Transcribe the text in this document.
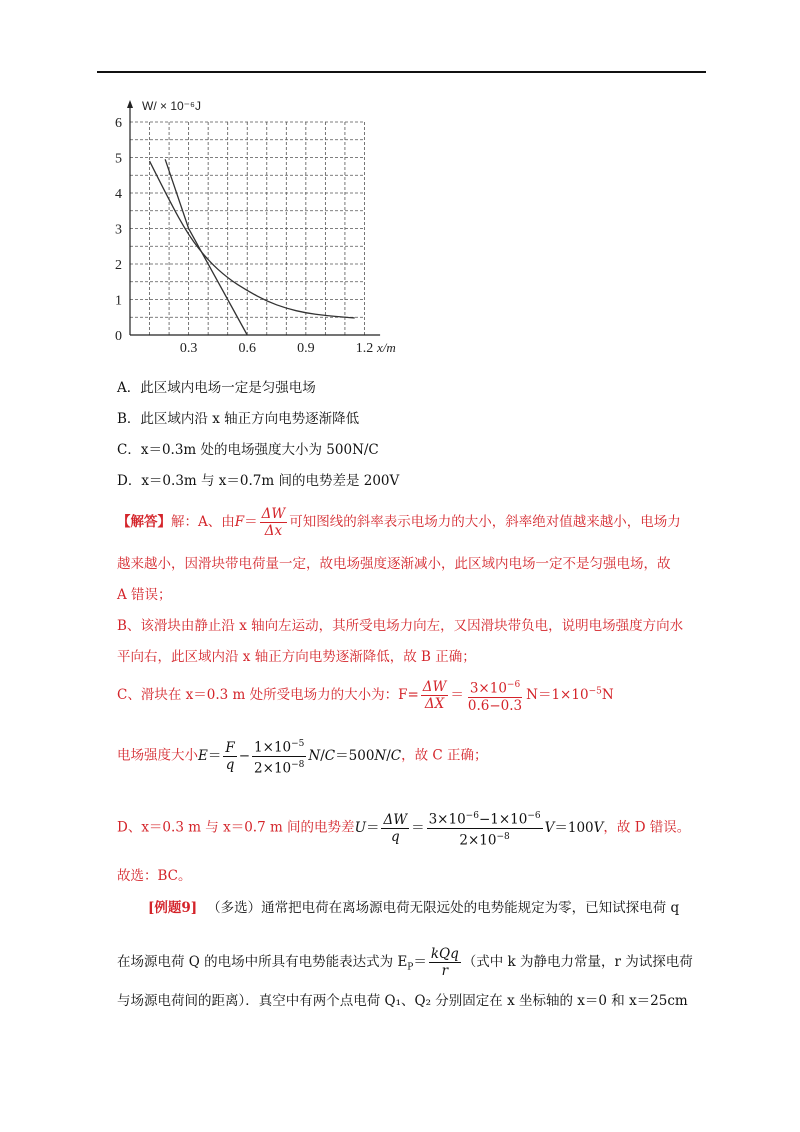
0
1
2
3
4
5
6
0.3	0.6	0.9	1.2
W/ × 10⁻⁶J
x/m
A．此区域内电场一定是匀强电场
B．此区域内沿 x 轴正方向电势逐渐降低
C．x＝0.3m 处的电场强度大小为 500N/C
D．x＝0.3m 与 x＝0.7m 间的电势差是 200V
【解答】解：A、由$F= \frac{\Delta W}{\Delta x}$ 可知图线的斜率表示电场力的大小，斜率绝对值越来越小，电场力
越来越小，因滑块带电荷量一定，故电场强度逐渐减小，此区域内电场一定不是匀强电场，故
A 错误；
B、该滑块由静止沿 x 轴向左运动，其所受电场力向左，又因滑块带负电，说明电场强度方向水
平向右，此区域内沿 x 轴正方向电势逐渐降低，故 B 正确；
C、滑块在 x＝0.3 m 处所受电场力的大小为：$F= \frac{\Delta W}{\Delta X} = \frac{3\times 10^{-6}}{0.6-0.3} N=1\times 10^{-5}N$
电场强度大小$E= \frac{F}{q} - \frac{1\times 10^{-5}}{2\times 10^{-8}} N/C=500N/C$，故 C 正确；
D、x＝0.3 m 与 x＝0.7 m 间的电势差$U= \frac{\Delta W}{q} = \frac{3\times 10^{-6}-1\times 10^{-6}}{2\times 10^{-8}} V=100V$，故 D 错误。
故选：BC。
[例题9] （多选）通常把电荷在离场源电荷无限远处的电势能规定为零，已知试探电荷 q
在场源电荷 Q 的电场中所具有电势能表达式为 $E_P= \frac{\text{kQq}}{r}$ （式中 k 为静电力常量，r 为试探电荷
与场源电荷间的距离）．真空中有两个点电荷 Q₁、Q₂ 分别固定在 x 坐标轴的 x＝0 和 x＝25cm
